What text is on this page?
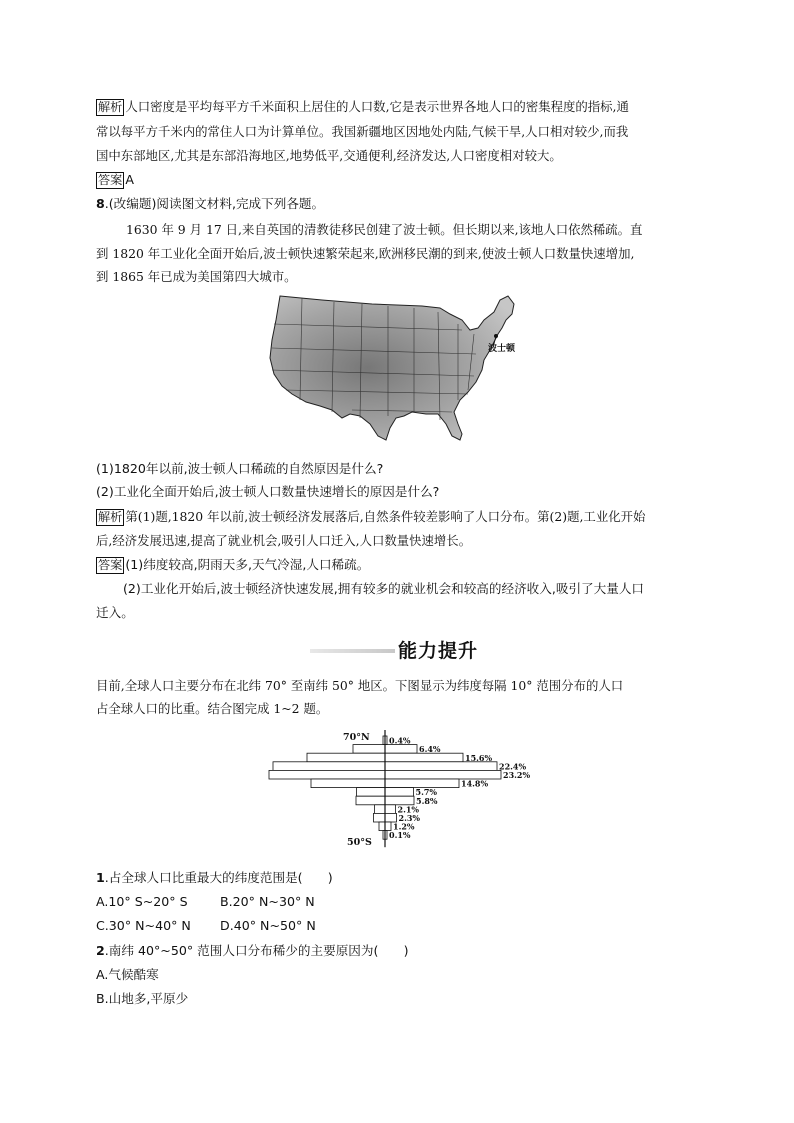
解析 人口密度是平均每平方千米面积上居住的人口数,它是表示世界各地人口的密集程度的指标,通
常以每平方千米内的常住人口为计算单位。我国新疆地区因地处内陆,气候干旱,人口相对较少,而我
国中东部地区,尤其是东部沿海地区,地势低平,交通便利,经济发达,人口密度相对较大。
答案 A
8.(改编题)阅读图文材料,完成下列各题。
1630 年 9 月 17 日,来自英国的清教徒移民创建了波士顿。但长期以来,该地人口依然稀疏。直
到 1820 年工业化全面开始后,波士顿快速繁荣起来,欧洲移民潮的到来,使波士顿人口数量快速增加,
到 1865 年已成为美国第四大城市。
波士顿
(1)1820年以前,波士顿人口稀疏的自然原因是什么?
(2)工业化全面开始后,波士顿人口数量快速增长的原因是什么?
解析 第(1)题,1820 年以前,波士顿经济发展落后,自然条件较差影响了人口分布。第(2)题,工业化开始
后,经济发展迅速,提高了就业机会,吸引人口迁入,人口数量快速增长。
答案 (1)纬度较高,阴雨天多,天气冷湿,人口稀疏。
(2)工业化开始后,波士顿经济快速发展,拥有较多的就业机会和较高的经济收入,吸引了大量人口
迁入。
能力提升
目前,全球人口主要分布在北纬 70° 至南纬 50° 地区。下图显示为纬度每隔 10° 范围分布的人口
占全球人口的比重。结合图完成 1~2 题。
0.4%
6.4%
15.6%
22.4%
23.2%
14.8%
5.7%
5.8%
2.1%
2.3%
1.2%
0.1%
70°N
50°S
1.占全球人口比重最大的纬度范围是(　　)
A.10° S~20° S	B.20° N~30° N
C.30° N~40° N D.40° N~50° N
2.南纬 40°~50° 范围人口分布稀少的主要原因为(　　)
A.气候酷寒
B.山地多,平原少
